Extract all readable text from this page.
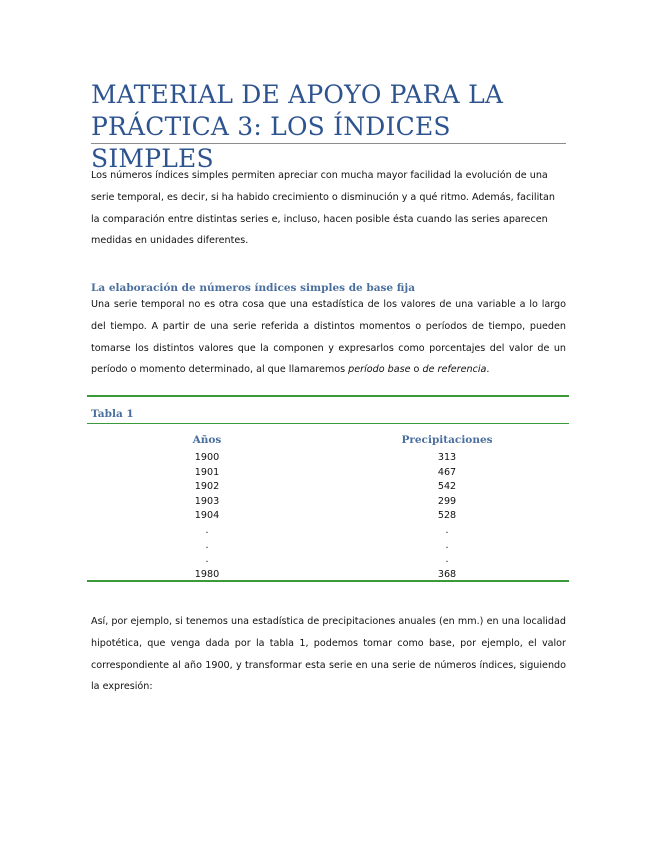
MATERIAL DE APOYO PARA LA PRÁCTICA 3: LOS ÍNDICES SIMPLES

Los números índices simples permiten apreciar con mucha mayor facilidad la evolución de una serie temporal, es decir, si ha habido crecimiento o disminución y a qué ritmo. Además, facilitan la comparación entre distintas series e, incluso, hacen posible ésta cuando las series aparecen medidas en unidades diferentes.

La elaboración de números índices simples de base fija

Una serie temporal no es otra cosa que una estadística de los valores de una variable a lo largo del tiempo. A partir de una serie referida a distintos momentos o períodos de tiempo, pueden tomarse los distintos valores que la componen y expresarlos como porcentajes del valor de un período o momento determinado, al que llamaremos período base o de referencia.

Tabla 1
Años	Precipitaciones
1900	313
1901	467
1902	542
1903	299
1904	528
.	.
.	.
.	.
1980	368

Así, por ejemplo, si tenemos una estadística de precipitaciones anuales (en mm.) en una localidad hipotética, que venga dada por la tabla 1, podemos tomar como base, por ejemplo, el valor correspondiente al año 1900, y transformar esta serie en una serie de números índices, siguiendo la expresión:
